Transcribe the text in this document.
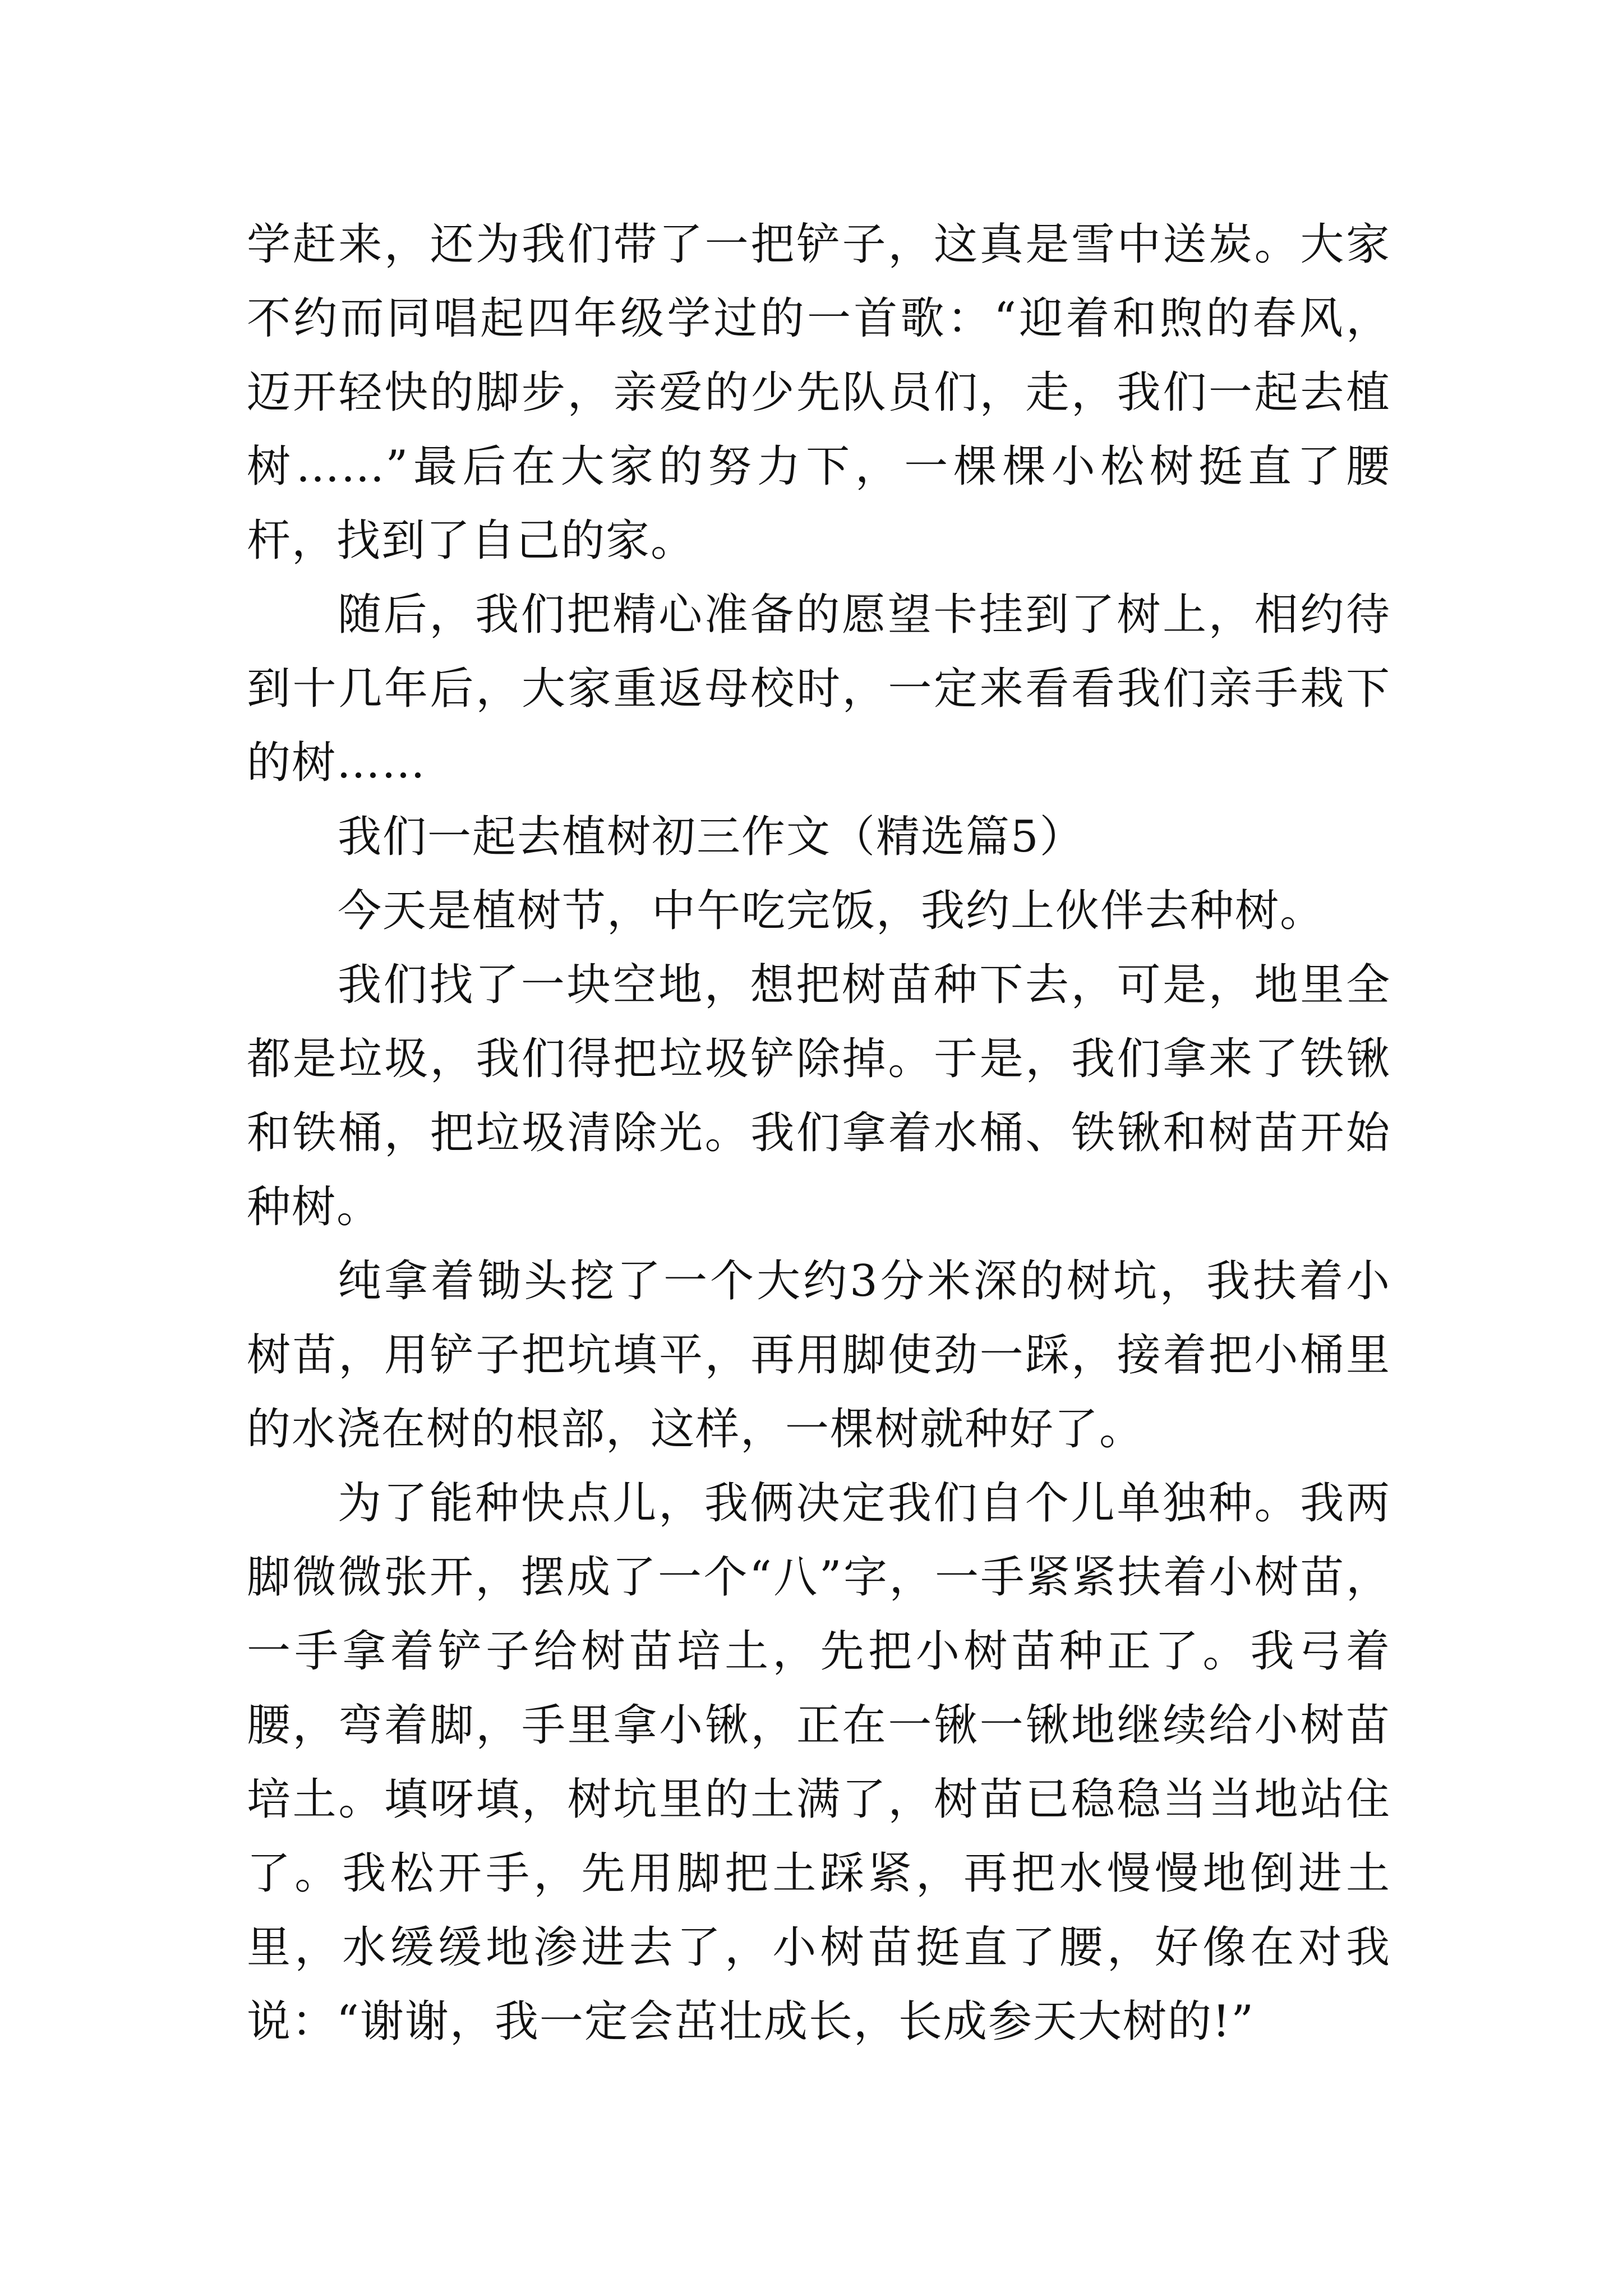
学赶来，还为我们带了一把铲子，这真是雪中送炭。大家不约而同唱起四年级学过的一首歌：“迎着和煦的春风，迈开轻快的脚步，亲爱的少先队员们，走，我们一起去植树……”最后在大家的努力下，一棵棵小松树挺直了腰杆，找到了自己的家。

随后，我们把精心准备的愿望卡挂到了树上，相约待到十几年后，大家重返母校时，一定来看看我们亲手栽下的树……

我们一起去植树初三作文（精选篇5）

今天是植树节，中午吃完饭，我约上伙伴去种树。

我们找了一块空地，想把树苗种下去，可是，地里全都是垃圾，我们得把垃圾铲除掉。于是，我们拿来了铁锹和铁桶，把垃圾清除光。我们拿着水桶、铁锹和树苗开始种树。

纯拿着锄头挖了一个大约3分米深的树坑，我扶着小树苗，用铲子把坑填平，再用脚使劲一踩，接着把小桶里的水浇在树的根部，这样，一棵树就种好了。

为了能种快点儿，我俩决定我们自个儿单独种。我两脚微微张开，摆成了一个“八”字，一手紧紧扶着小树苗，一手拿着铲子给树苗培土，先把小树苗种正了。我弓着腰，弯着脚，手里拿小锹，正在一锹一锹地继续给小树苗培土。填呀填，树坑里的土满了，树苗已稳稳当当地站住了。我松开手，先用脚把土踩紧，再把水慢慢地倒进土里，水缓缓地渗进去了，小树苗挺直了腰，好像在对我说：“谢谢，我一定会茁壮成长，长成参天大树的!”
